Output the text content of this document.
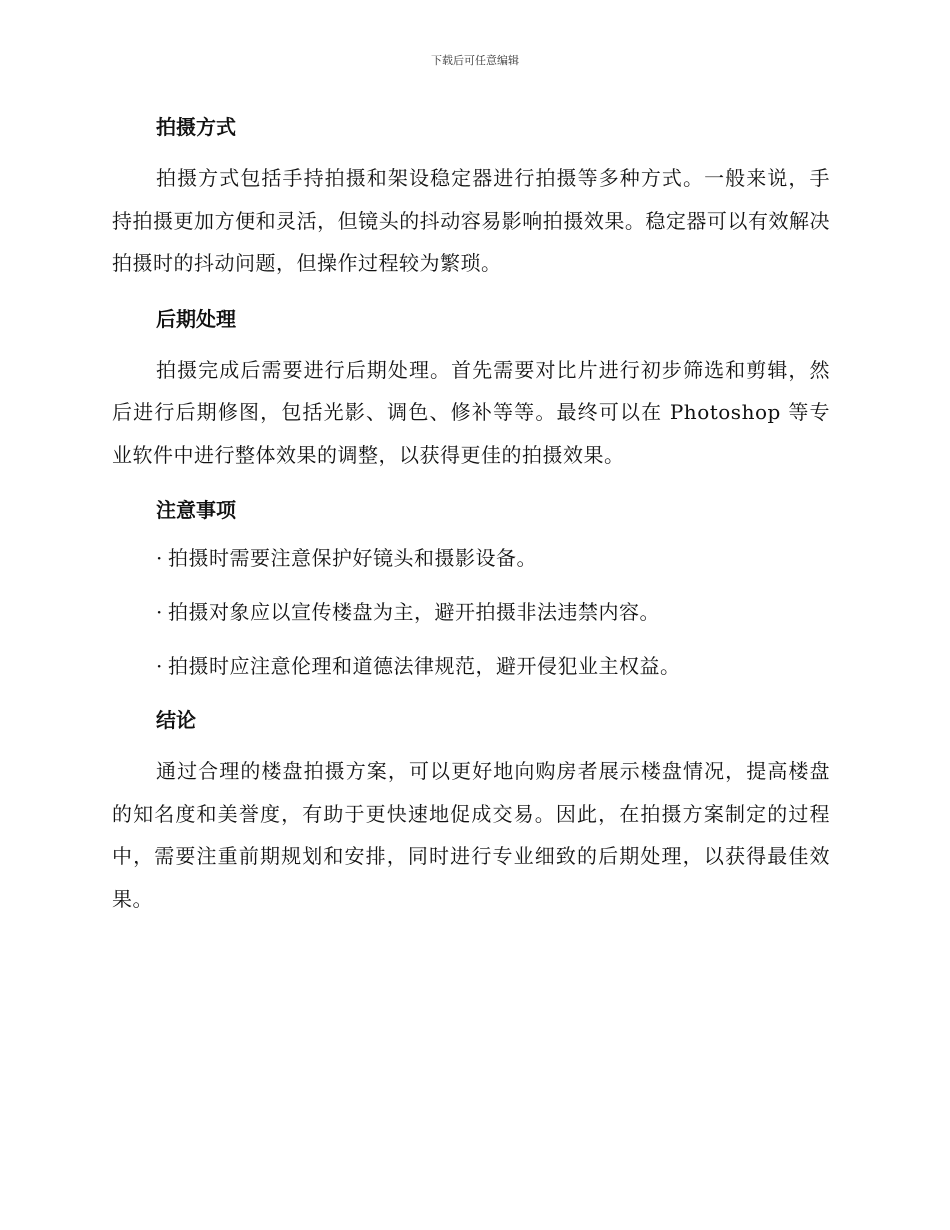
下载后可任意编辑
拍摄方式

拍摄方式包括手持拍摄和架设稳定器进行拍摄等多种方式。一般来说，手持拍摄更加方便和灵活，但镜头的抖动容易影响拍摄效果。稳定器可以有效解决拍摄时的抖动问题，但操作过程较为繁琐。

后期处理

拍摄完成后需要进行后期处理。首先需要对比片进行初步筛选和剪辑，然后进行后期修图，包括光影、调色、修补等等。最终可以在 Photoshop 等专业软件中进行整体效果的调整，以获得更佳的拍摄效果。

注意事项
· 拍摄时需要注意保护好镜头和摄影设备。
· 拍摄对象应以宣传楼盘为主，避开拍摄非法违禁内容。
· 拍摄时应注意伦理和道德法律规范，避开侵犯业主权益。
结论

通过合理的楼盘拍摄方案，可以更好地向购房者展示楼盘情况，提高楼盘的知名度和美誉度，有助于更快速地促成交易。因此，在拍摄方案制定的过程中，需要注重前期规划和安排，同时进行专业细致的后期处理，以获得最佳效果。
